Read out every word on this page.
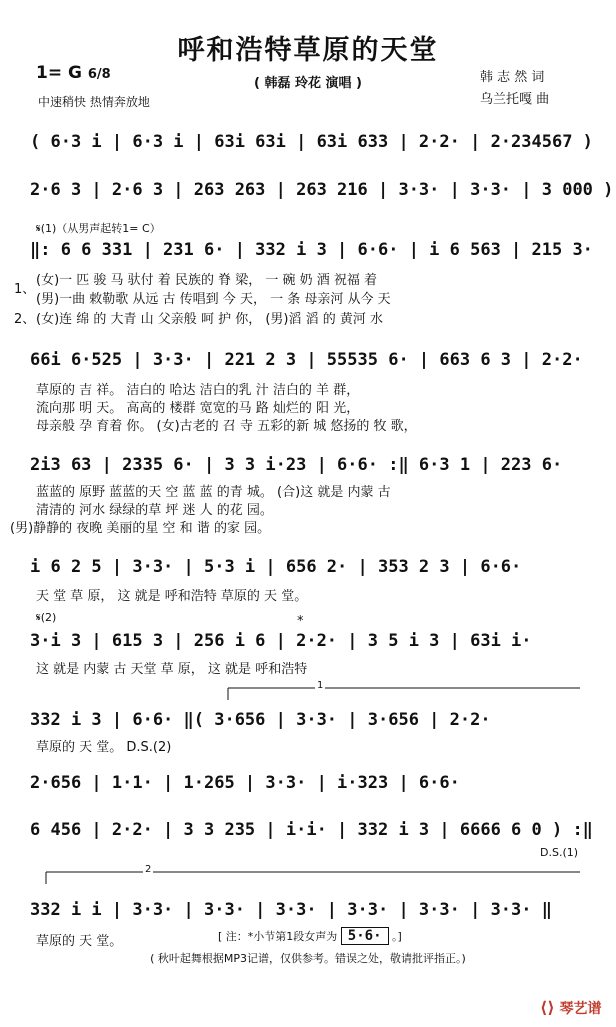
呼和浩特草原的天堂
1= G 6/8
中速稍快 热情奔放地
( 韩磊 玲花 演唱 )	韩 志 然 词
乌兰托嘎 曲
( 6·3 i | 6·3 i | 63i 63i | 63i 633 | 2·2· | 2·234567 )
2·6 3 | 2·6 3 | 263 263 | 263 216 | 3·3· | 3·3· | 3 000 )
𝄋(1)（从男声起转1= C）
‖: 6 6 331 | 231 6· | 332 i 3 | 6·6· | i 6 563 | 215 3·
1、
(女)一 匹 骏 马 驮付 着 民族的 脊 梁， 一 碗 奶 酒 祝福 着
(男)一曲 敕勒歌 从远 古 传唱到 今 天， 一 条 母亲河 从今 天
2、 (女)连 绵 的 大青 山 父亲般 呵 护 你， (男)滔 滔 的 黄河 水
66i 6·525 | 3·3· | 221 2 3 | 55535 6· | 663 6 3 | 2·2·
草原的 吉 祥。 洁白的 哈达 洁白的乳 汁 洁白的 羊 群，
流向那 明 天。 高高的 楼群 宽宽的马 路 灿烂的 阳 光，
母亲般 孕 育着 你。 (女)古老的 召 寺 五彩的新 城 悠扬的 牧 歌，
2i3 63 | 2335 6· | 3 3 i·23 | 6·6· :‖ 6·3 1 | 223 6·
蓝蓝的 原野 蓝蓝的天 空 蓝 蓝 的青 城。 (合)这 就是 内蒙 古
清清的 河水 绿绿的草 坪 迷 人 的花 园。
(男)静静的 夜晚 美丽的星 空 和 谐 的家 园。
i 6 2 5 | 3·3· | 5·3 i | 656 2· | 353 2 3 | 6·6·
天 堂 草 原， 这 就是 呼和浩特 草原的 天 堂。
𝄋(2)	*
3·i 3 | 615 3 | 256 i 6 | 2·2· | 3 5 i 3 | 63i i·
这 就是 内蒙 古 天堂 草 原， 这 就是 呼和浩特
1
2
332 i 3 | 6·6· ‖( 3·656 | 3·3· | 3·656 | 2·2·
草原的 天 堂。 D.S.(2)
2·656 | 1·1· | 1·265 | 3·3· | i·323 | 6·6·
6 456 | 2·2· | 3 3 235 | i·i· | 332 i 3 | 6666 6 0 ) :‖
D.S.(1)
332 i i | 3·3· | 3·3· | 3·3· | 3·3· | 3·3· | 3·3· ‖
草原的 天 堂。	[ 注：*小节第1段女声为 5·6· 。]
( 秋叶起舞根据MP3记谱，仅供参考。错误之处，敬请批评指正。)
⟨⟩ 琴艺谱
